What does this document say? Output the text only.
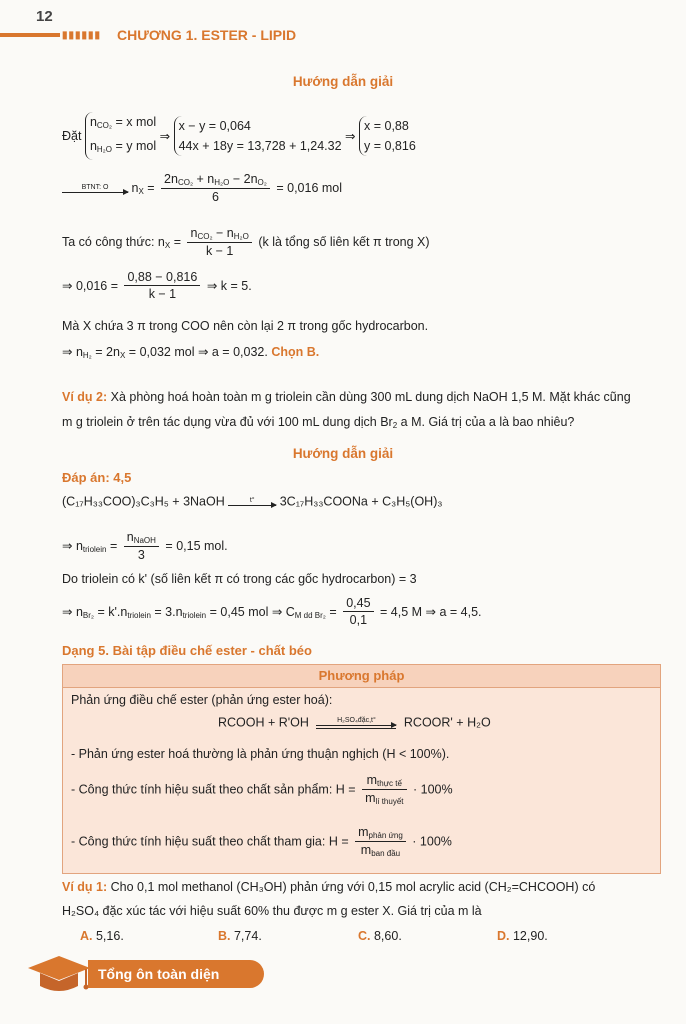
12
▮▮▮▮▮▮ CHƯƠNG 1. ESTER - LIPID
Hướng dẫn giải
Đặt $n_{CO_2} = x$ mol
$n_{H_2O} = y$ mol ⇒ x − y = 0,064
44x + 18y = 13,728 + 1,24.32 ⇒ x = 0,88
y = 0,816
BTNT: O	$n_X = \frac{2n_{CO_2} + n_{H_2O} - 2n_{O_2}}{6} = 0,016$ mol
Ta có công thức: $n_X = \frac{n_{CO_2} - n_{H_2O}}{k - 1} (k$ là tổng số liên kết π trong X)
⇒ $0,016 = \frac{0,88 - 0,816}{k - 1}$ ⇒ k = 5.
Mà X chứa 3 π trong COO nên còn lại 2 π trong gốc hydrocarbon.
⇒ $n_{H_2} = 2n_X = 0,032$ mol ⇒ a = 0,032. Chọn B.
Ví dụ 2: Xà phòng hoá hoàn toàn m g triolein cần dùng 300 mL dung dịch NaOH 1,5 M. Mặt khác cũng
m g triolein ở trên tác dụng vừa đủ với 100 mL dung dịch $Br_2$ a M. Giá trị của a là bao nhiêu?
Hướng dẫn giải
Đáp án: 4,5
(C₁₇H₃₃COO)₃C₃H₅ + 3NaOH	t°	3C₁₇H₃₃COONa + C₃H₅(OH)₃
⇒ $n_{triolein} = \frac{n_{NaOH}}{3} = 0,15$ mol.
Do triolein có k' (số liên kết π có trong các gốc hydrocarbon) = 3
⇒ $n_{Br_2} = k'.n_{triolein} = 3.n_{triolein} = 0,45$ mol ⇒ $C_{M dd Br_2} = \frac{0,45}{0,1} = 4,5$ M ⇒ a = 4,5.
Dạng 5. Bài tập điều chế ester - chất béo
Phương pháp
Phản ứng điều chế ester (phản ứng ester hoá):
RCOOH + R'OH	H₂SO₄đặc,t°	RCOOR' + H₂O
- Phản ứng ester hoá thường là phản ứng thuận nghịch (H < 100%).
- Công thức tính hiệu suất theo chất sản phẩm: $H = \frac{m_{thực tế}}{m_{lí thuyết}} \cdot 100\%$
- Công thức tính hiệu suất theo chất tham gia: $H = \frac{m_{phản ứng}}{m_{ban đầu}} \cdot 100\%$
Ví dụ 1: Cho 0,1 mol methanol (CH₃OH) phản ứng với 0,15 mol acrylic acid (CH₂=CHCOOH) có
H₂SO₄ đặc xúc tác với hiệu suất 60% thu được m g ester X. Giá trị của m là
A. 5,16.	B. 7,74.	C. 8,60.	D. 12,90.
Tổng ôn toàn diện
